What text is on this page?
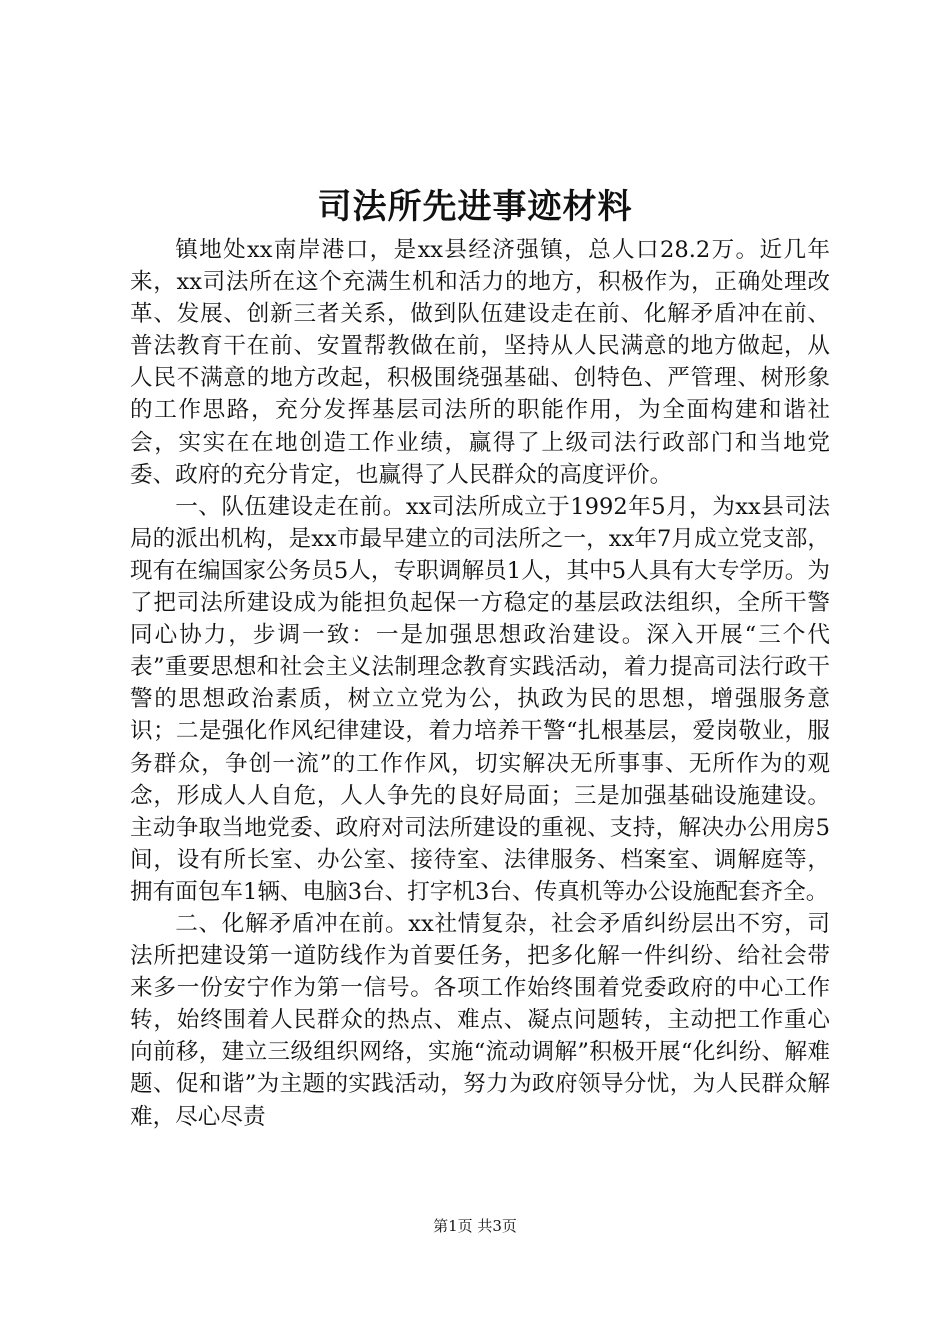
司法所先进事迹材料

镇地处xx南岸港口，是xx县经济强镇，总人口28.2万。近几年来，xx司法所在这个充满生机和活力的地方，积极作为，正确处理改革、发展、创新三者关系，做到队伍建设走在前、化解矛盾冲在前、普法教育干在前、安置帮教做在前，坚持从人民满意的地方做起，从人民不满意的地方改起，积极围绕强基础、创特色、严管理、树形象的工作思路，充分发挥基层司法所的职能作用，为全面构建和谐社会，实实在在地创造工作业绩，赢得了上级司法行政部门和当地党委、政府的充分肯定，也赢得了人民群众的高度评价。

一、队伍建设走在前。xx司法所成立于1992年5月，为xx县司法局的派出机构，是xx市最早建立的司法所之一，xx年7月成立党支部，现有在编国家公务员5人，专职调解员1人，其中5人具有大专学历。为了把司法所建设成为能担负起保一方稳定的基层政法组织，全所干警同心协力，步调一致：一是加强思想政治建设。深入开展“三个代表”重要思想和社会主义法制理念教育实践活动，着力提高司法行政干警的思想政治素质，树立立党为公，执政为民的思想，增强服务意识；二是强化作风纪律建设，着力培养干警“扎根基层，爱岗敬业，服务群众，争创一流”的工作作风，切实解决无所事事、无所作为的观念，形成人人自危，人人争先的良好局面；三是加强基础设施建设。主动争取当地党委、政府对司法所建设的重视、支持，解决办公用房5间，设有所长室、办公室、接待室、法律服务、档案室、调解庭等，拥有面包车1辆、电脑3台、打字机3台、传真机等办公设施配套齐全。

二、化解矛盾冲在前。xx社情复杂，社会矛盾纠纷层出不穷，司法所把建设第一道防线作为首要任务，把多化解一件纠纷、给社会带来多一份安宁作为第一信号。各项工作始终围着党委政府的中心工作转，始终围着人民群众的热点、难点、凝点问题转，主动把工作重心向前移，建立三级组织网络，实施“流动调解”积极开展“化纠纷、解难题、促和谐”为主题的实践活动，努力为政府领导分忧，为人民群众解难，尽心尽责

第1页 共3页
